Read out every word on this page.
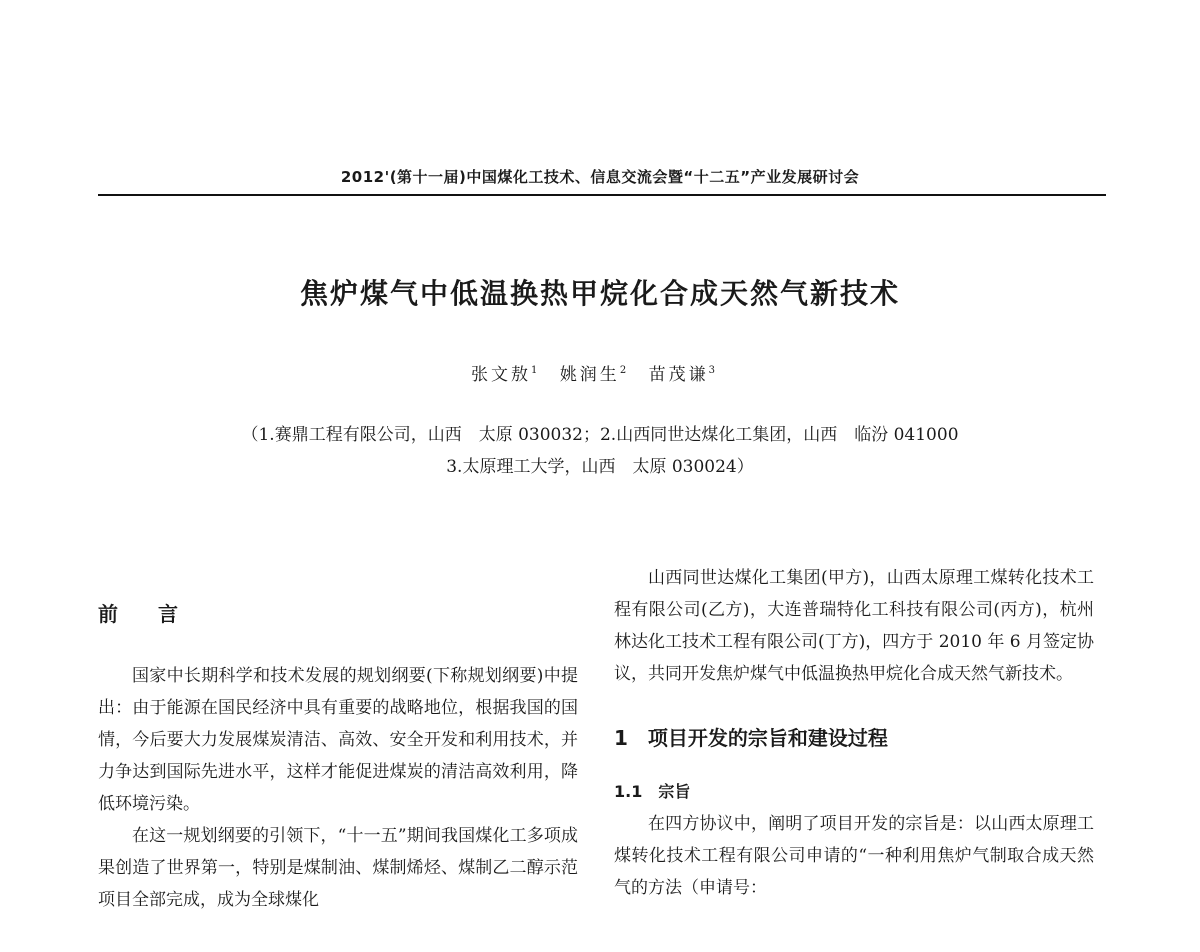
2012'(第十一届)中国煤化工技术、信息交流会暨“十二五”产业发展研讨会
焦炉煤气中低温换热甲烷化合成天然气新技术
张文敖$^1$ 姚润生$^2$ 苗茂谦$^3$
（1.赛鼎工程有限公司，山西　太原 030032；2.山西同世达煤化工集团，山西　临汾 041000
3.太原理工大学，山西　太原 030024）
前　　言

国家中长期科学和技术发展的规划纲要(下称规划纲要)中提出：由于能源在国民经济中具有重要的战略地位，根据我国的国情，今后要大力发展煤炭清洁、高效、安全开发和利用技术，并力争达到国际先进水平，这样才能促进煤炭的清洁高效利用，降低环境污染。

在这一规划纲要的引领下，“十一五”期间我国煤化工多项成果创造了世界第一，特别是煤制油、煤制烯烃、煤制乙二醇示范项目全部完成，成为全球煤化

山西同世达煤化工集团(甲方)，山西太原理工煤转化技术工程有限公司(乙方)，大连普瑞特化工科技有限公司(丙方)，杭州林达化工技术工程有限公司(丁方)，四方于 2010 年 6 月签定协议，共同开发焦炉煤气中低温换热甲烷化合成天然气新技术。

1　项目开发的宗旨和建设过程
1.1　宗旨

在四方协议中，阐明了项目开发的宗旨是：以山西太原理工煤转化技术工程有限公司申请的“一种利用焦炉气制取合成天然气的方法（申请号：
